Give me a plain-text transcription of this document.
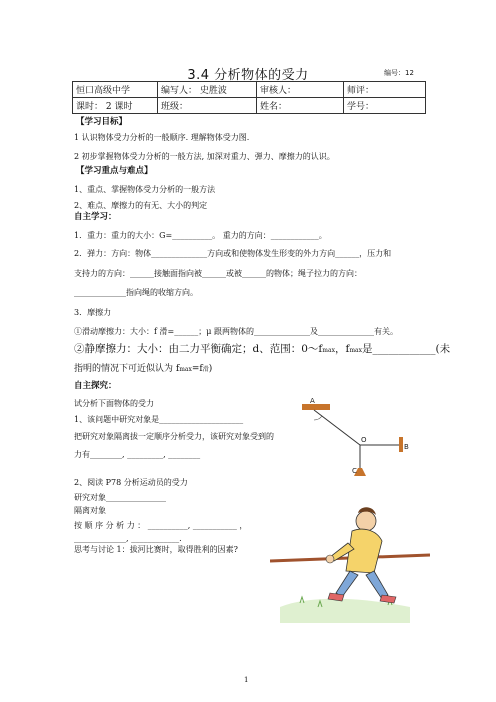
3.4 分析物体的受力	编号：12
恒口高级中学	编写人： 史胜波	审核人：	师评：
课时： 2 课时	班级：	姓名：	学号：
【学习目标】
1 认识物体受力分析的一般顺序. 理解物体受力图.
2 初步掌握物体受力分析的一般方法, 加深对重力、弹力、摩擦力的认识。
【学习重点与难点】
1、重点、掌握物体受力分析的一般方法
2、难点、摩擦力的有无、大小的判定
自主学习：
1．重力：重力的大小：G=__________。 重力的方向：____________。
2．弹力：方向：物体______________方向或和使物体发生形变的外力方向______，压力和
支持力的方向：______接触面指向被______或被______的物体；绳子拉力的方向：
_____________指向绳的收缩方向。
3．摩擦力
①滑动摩擦力：大小：f 滑=______；μ 跟两物体的______________及______________有关。
②静摩擦力：大小：由二力平衡确定；d、范围：0～fmax，fmax是____________(未
指明的情况下可近似认为 fmax=f滑)
自主探究：
试分析下面物体的受力
1、该问题中研究对象是_____________________
把研究对象隔离拔一定顺序分析受力，该研究对象受到的
力有________, _________, ________
2、阅读 P78 分析运动员的受力
研究对象_______________
隔离对象
按 顺 序 分 析 力 ： __________, ___________ ，
_____________, ____________.
思考与讨论 1：拔河比赛时，取得胜利的因素?
A
B
O
C
1
